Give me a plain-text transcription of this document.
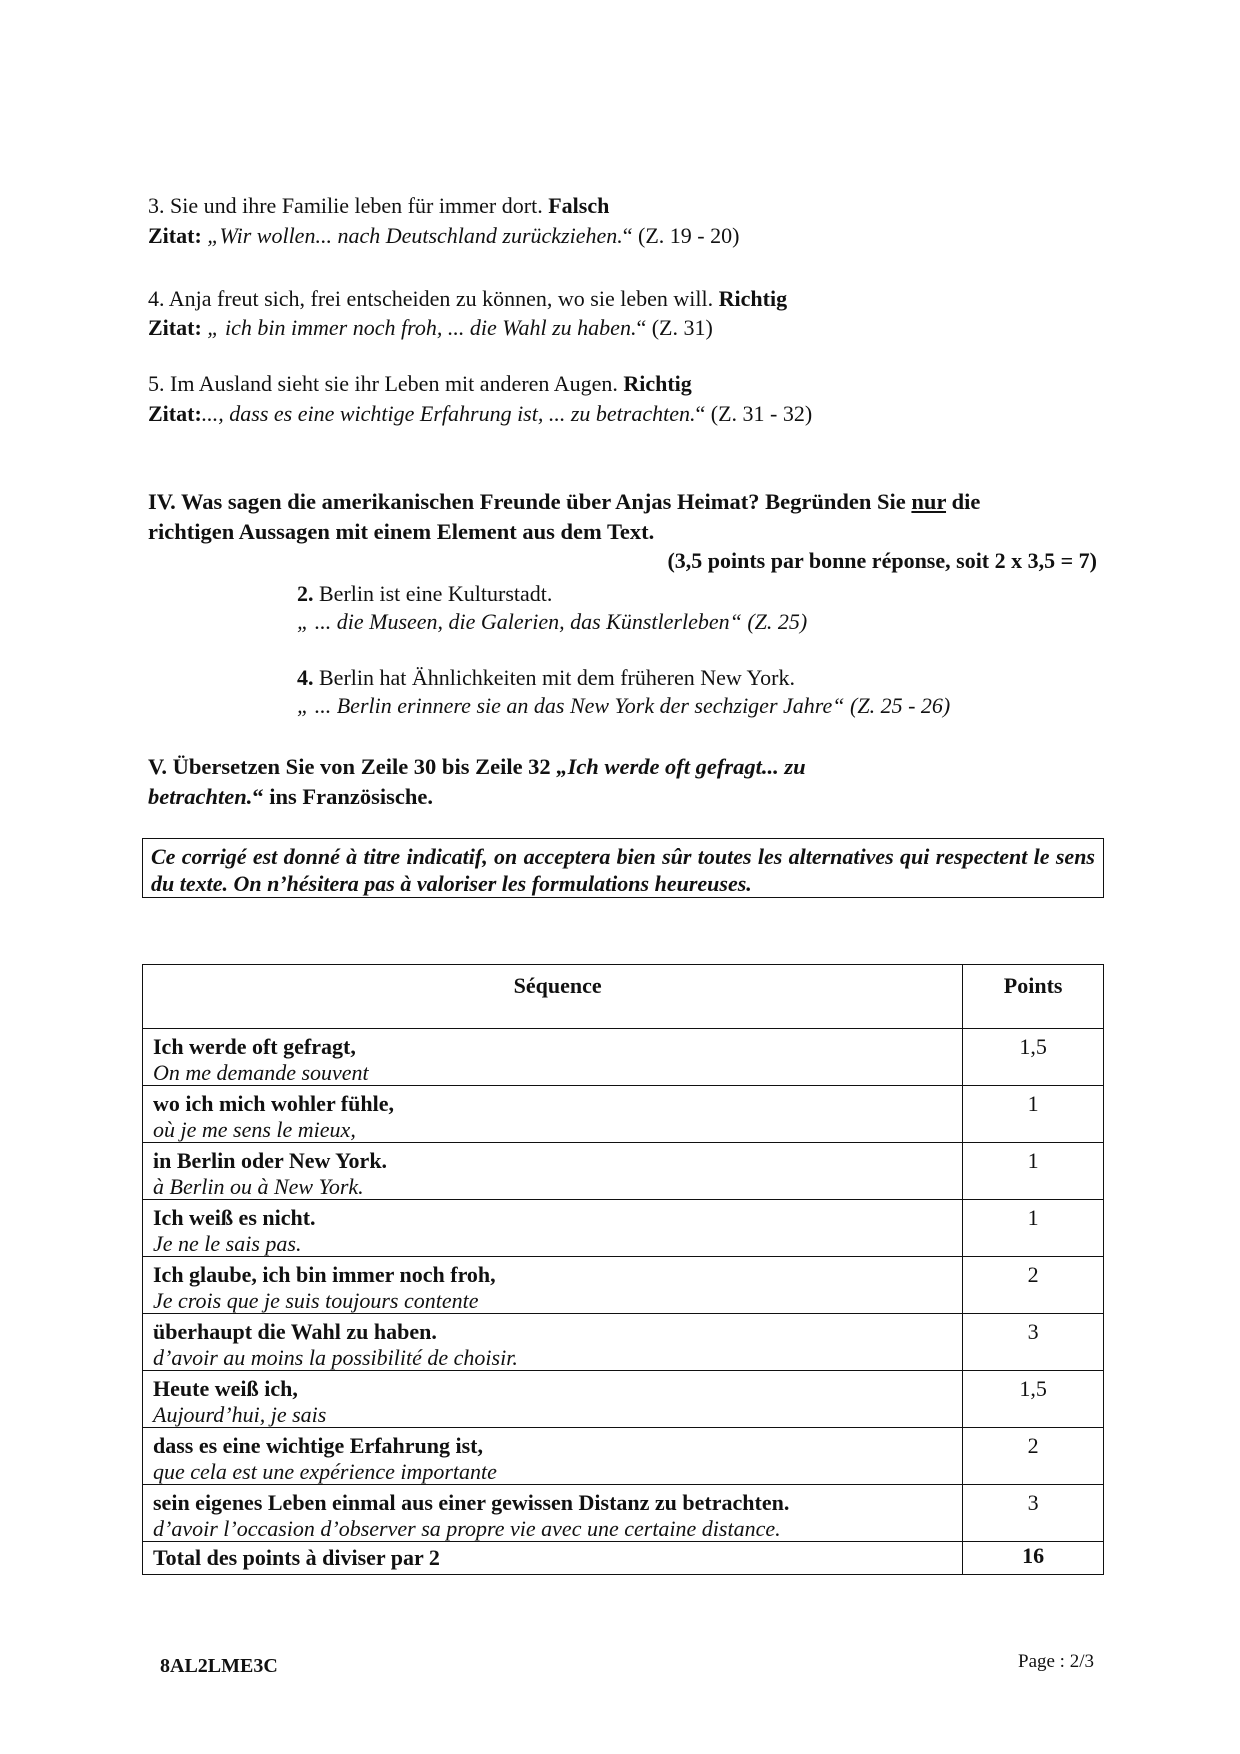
3. Sie und ihre Familie leben für immer dort. Falsch
Zitat: „Wir wollen... nach Deutschland zurückziehen.“ (Z. 19 - 20)
4. Anja freut sich, frei entscheiden zu können, wo sie leben will. Richtig
Zitat: „ ich bin immer noch froh, ... die Wahl zu haben.“ (Z. 31)
5. Im Ausland sieht sie ihr Leben mit anderen Augen. Richtig
Zitat:..., dass es eine wichtige Erfahrung ist, ... zu betrachten.“ (Z. 31 - 32)
IV. Was sagen die amerikanischen Freunde über Anjas Heimat? Begründen Sie nur die
richtigen Aussagen mit einem Element aus dem Text.
(3,5 points par bonne réponse, soit 2 x 3,5 = 7)
2. Berlin ist eine Kulturstadt.
„ ... die Museen, die Galerien, das Künstlerleben“ (Z. 25)
4. Berlin hat Ähnlichkeiten mit dem früheren New York.
„ ... Berlin erinnere sie an das New York der sechziger Jahre“ (Z. 25 - 26)
V. Übersetzen Sie von Zeile 30 bis Zeile 32 „Ich werde oft gefragt... zu
betrachten.“ ins Französische.
Ce corrigé est donné à titre indicatif, on acceptera bien sûr toutes les alternatives qui respectent le sens du texte. On n’hésitera pas à valoriser les formulations heureuses.
Séquence	Points

Ich werde oft gefragt,
On me demande souvent	1,5

wo ich mich wohler fühle,
où je me sens le mieux,	1

in Berlin oder New York.
à Berlin ou à New York.	1

Ich weiß es nicht.
Je ne le sais pas.	1

Ich glaube, ich bin immer noch froh,
Je crois que je suis toujours contente	2

überhaupt die Wahl zu haben.
d’avoir au moins la possibilité de choisir.	3

Heute weiß ich,
Aujourd’hui, je sais	1,5

dass es eine wichtige Erfahrung ist,
que cela est une expérience importante	2

sein eigenes Leben einmal aus einer gewissen Distanz zu betrachten.
d’avoir l’occasion d’observer sa propre vie avec une certaine distance.	3

Total des points à diviser par 2	16
8AL2LME3C	Page : 2/3
